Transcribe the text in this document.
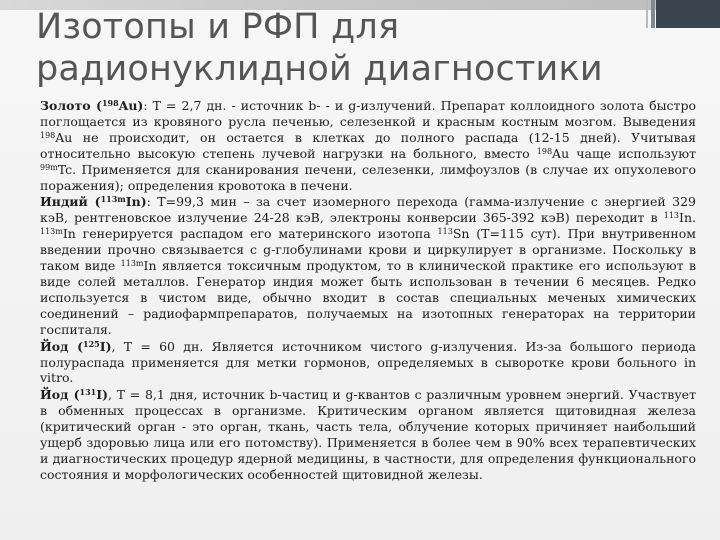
Изотопы и РФП для
радионуклидной диагностики

Золото ($^{198}$Au): Т = 2,7 дн. - источник b- - и g-излучений. Препарат коллоидного золота быстро поглощается из кровяного русла печенью, селезенкой и красным костным мозгом. Выведения $^{198}$Au не происходит, он остается в клетках до полного распада (12-15 дней). Учитывая относительно высокую степень лучевой нагрузки на больного, вместо $^{198}$Au чаще используют $^{99m}$Tc. Применяется для сканирования печени, селезенки, лимфоузлов (в случае их опухолевого поражения); определения кровотока в печени.

Индий ($^{113m}$In): Т=99,3 мин – за счет изомерного перехода (гамма-излучение с энергией 329 кэВ, рентгеновское излучение 24-28 кэВ, электроны конверсии 365-392 кэВ) переходит в $^{113}$In. $^{113m}$In генерируется распадом его материнского изотопа $^{113}$Sn (Т=115 сут). При внутривенном введении прочно связывается с g-глобулинами крови и циркулирует в организме. Поскольку в таком виде $^{113m}$In является токсичным продуктом, то в клинической практике его используют в виде солей металлов. Генератор индия может быть использован в течении 6 месяцев. Редко используется в чистом виде, обычно входит в состав специальных меченых химических соединений – радиофармпрепаратов, получаемых на изотопных генераторах на территории госпиталя.

Йод ($^{125}$I), Т = 60 дн. Является источником чистого g-излучения. Из-за большого периода полураспада применяется для метки гормонов, определяемых в сыворотке крови больного in vitro.

Йод ($^{131}$I), Т = 8,1 дня, источник b-частиц и g-квантов с различным уровнем энергий. Участвует в обменных процессах в организме. Критическим органом является щитовидная железа (критический орган - это орган, ткань, часть тела, облучение которых причиняет наибольший ущерб здоровью лица или его потомству). Применяется в более чем в 90% всех терапевтических и диагностических процедур ядерной медицины, в частности, для определения функционального состояния и морфологических особенностей щитовидной железы.
